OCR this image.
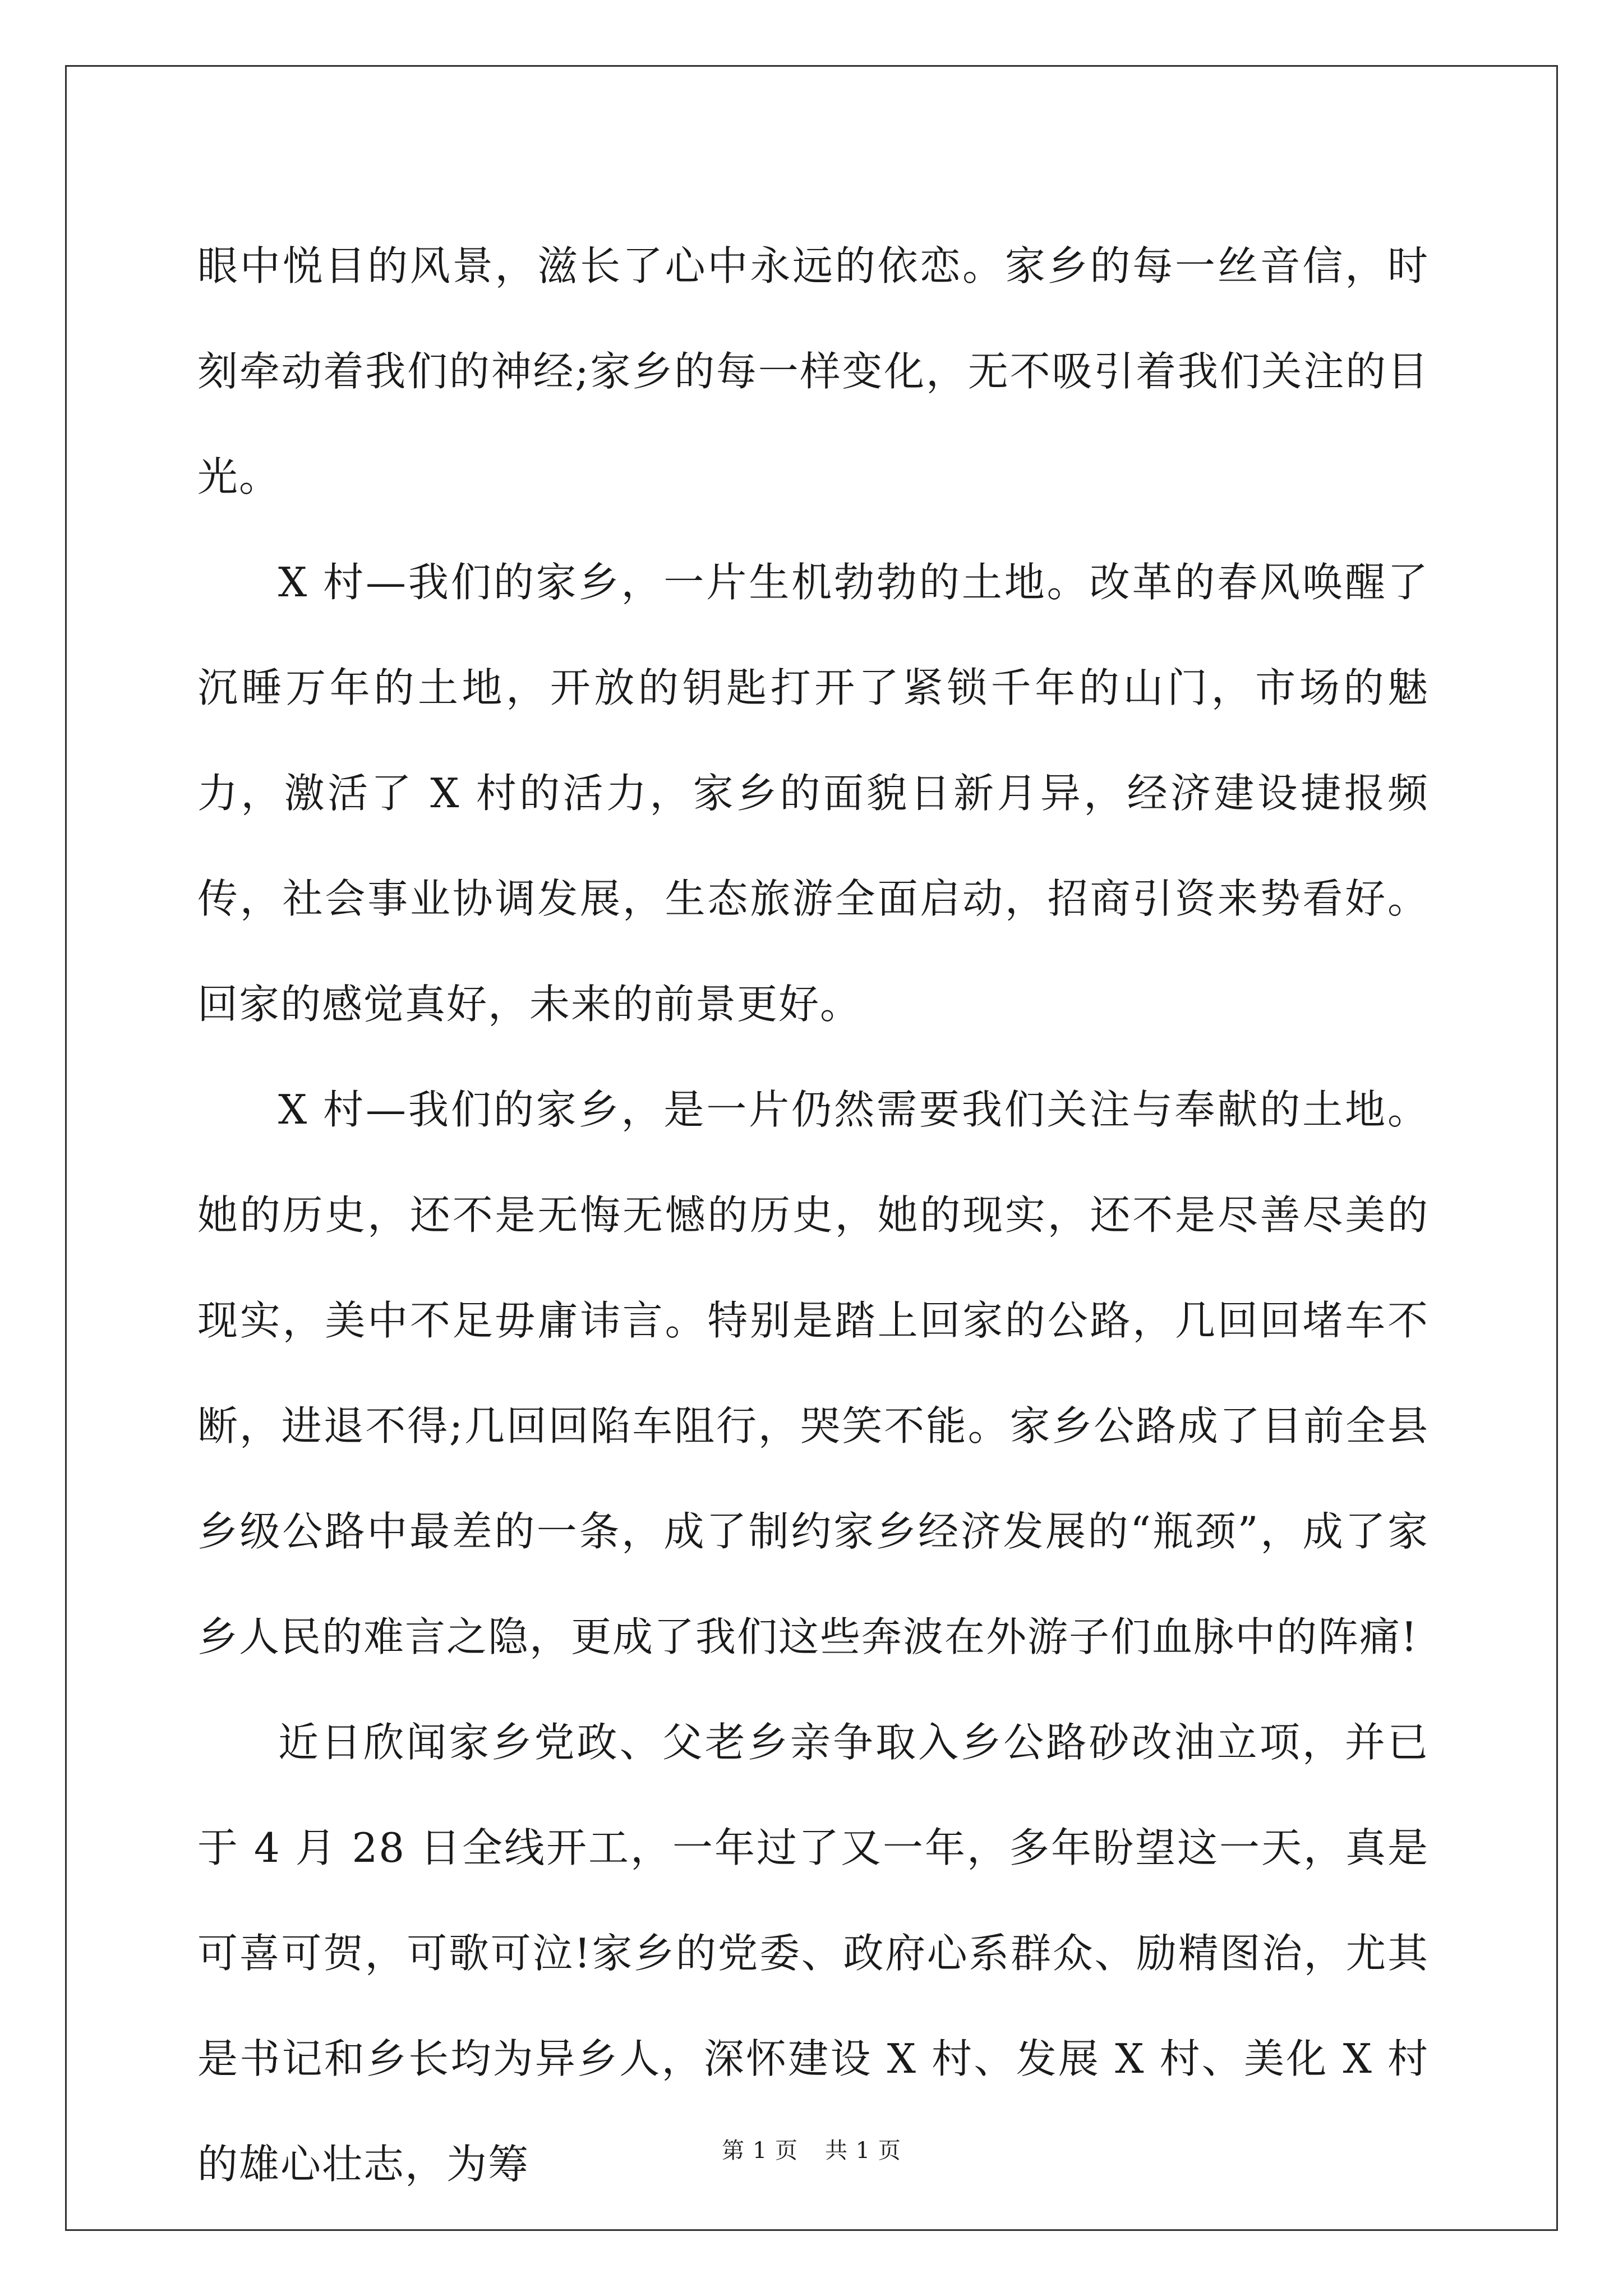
眼中悦目的风景，滋长了心中永远的依恋。家乡的每一丝音信，时刻牵动着我们的神经;家乡的每一样变化，无不吸引着我们关注的目光。

X 村—我们的家乡，一片生机勃勃的土地。改革的春风唤醒了沉睡万年的土地，开放的钥匙打开了紧锁千年的山门，市场的魅力，激活了 X 村的活力，家乡的面貌日新月异，经济建设捷报频传，社会事业协调发展，生态旅游全面启动，招商引资来势看好。回家的感觉真好，未来的前景更好。

X 村—我们的家乡，是一片仍然需要我们关注与奉献的土地。她的历史，还不是无悔无憾的历史，她的现实，还不是尽善尽美的现实，美中不足毋庸讳言。特别是踏上回家的公路，几回回堵车不断，进退不得;几回回陷车阻行，哭笑不能。家乡公路成了目前全县乡级公路中最差的一条，成了制约家乡经济发展的“瓶颈”，成了家乡人民的难言之隐，更成了我们这些奔波在外游子们血脉中的阵痛!

近日欣闻家乡党政、父老乡亲争取入乡公路砂改油立项，并已于 4 月 28 日全线开工，一年过了又一年，多年盼望这一天，真是可喜可贺，可歌可泣!家乡的党委、政府心系群众、励精图治，尤其是书记和乡长均为异乡人，深怀建设 X 村、发展 X 村、美化 X 村的雄心壮志，为筹	第 1 页 共 1 页
